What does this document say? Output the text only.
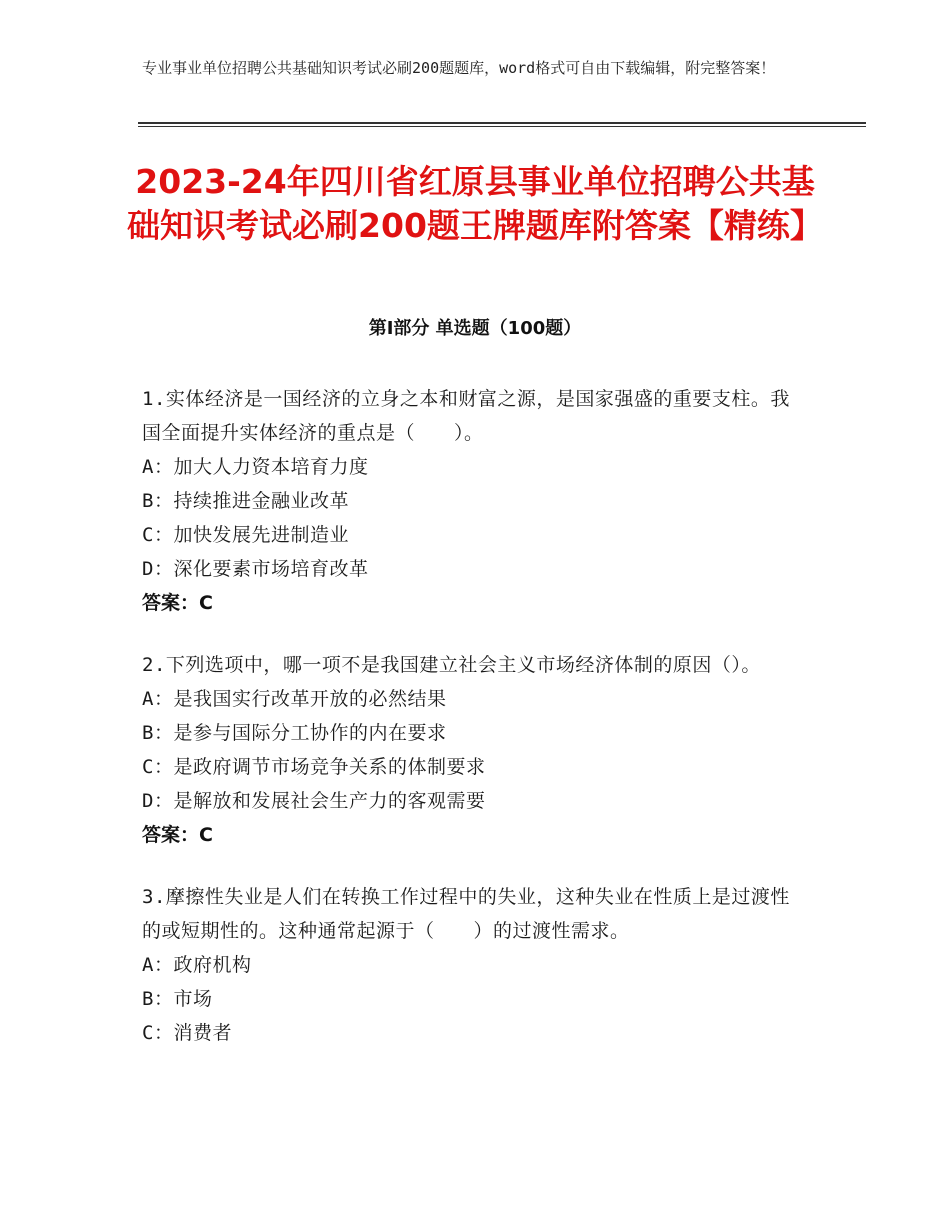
专业事业单位招聘公共基础知识考试必刷200题题库，word格式可自由下载编辑，附完整答案！
2023-24年四川省红原县事业单位招聘公共基础知识考试必刷200题王牌题库附答案【精练】
第Ⅰ部分 单选题（100题）
1.实体经济是一国经济的立身之本和财富之源，是国家强盛的重要支柱。我国全面提升实体经济的重点是（　　）。
A：加大人力资本培育力度
B：持续推进金融业改革
C：加快发展先进制造业
D：深化要素市场培育改革
答案：C
2.下列选项中，哪一项不是我国建立社会主义市场经济体制的原因（）。
A：是我国实行改革开放的必然结果
B：是参与国际分工协作的内在要求
C：是政府调节市场竞争关系的体制要求
D：是解放和发展社会生产力的客观需要
答案：C
3.摩擦性失业是人们在转换工作过程中的失业，这种失业在性质上是过渡性的或短期性的。这种通常起源于（　　）的过渡性需求。
A：政府机构
B：市场
C：消费者
